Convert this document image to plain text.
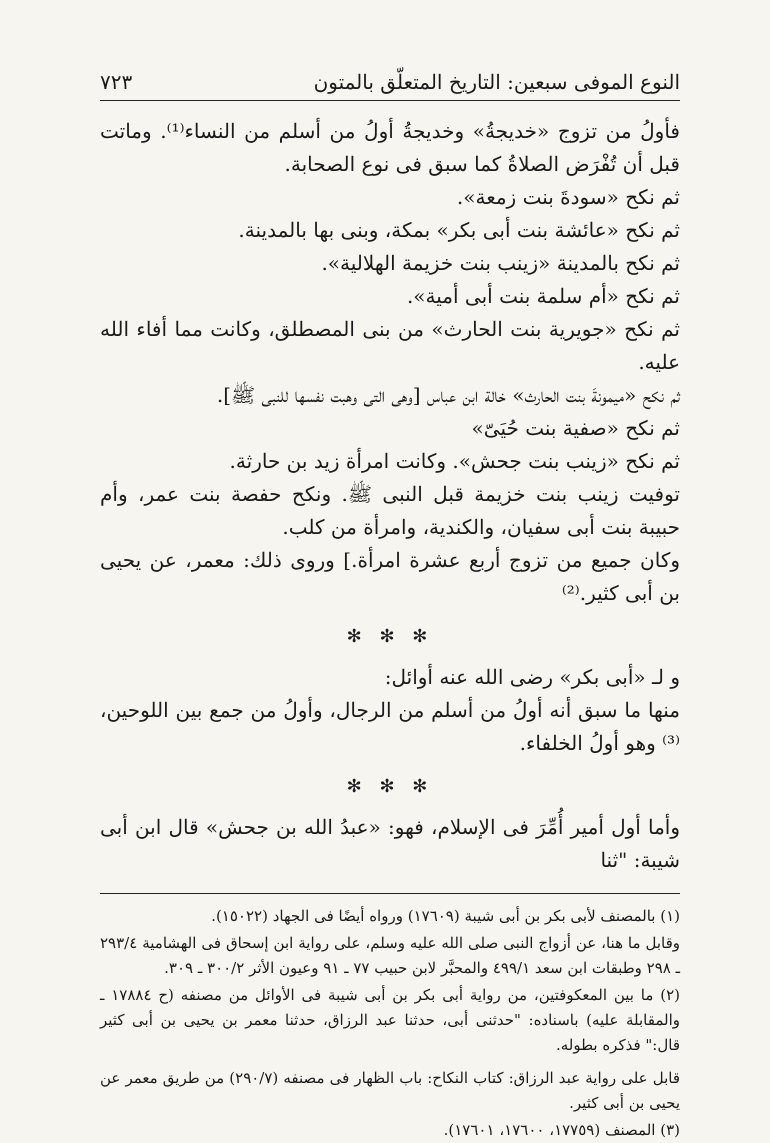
النوع الموفى سبعين: التاريخ المتعلّق بالمتون
٧٢٣

فأولُ من تزوج «خديجةُ» وخديجةُ أولُ من أسلم من النساء⁽¹⁾. وماتت قبل أن تُفْرَض الصلاةُ كما سبق فى نوع الصحابة.

ثم نكح «سودةَ بنت زمعة».

ثم نكح «عائشة بنت أبى بكر» بمكة، وبنى بها بالمدينة.

ثم نكح بالمدينة «زينب بنت خزيمة الهلالية».

ثم نكح «أم سلمة بنت أبى أمية».

ثم نكح «جويرية بنت الحارث» من بنى المصطلق، وكانت مما أفاء الله عليه.

ثم نكح «ميمونةَ بنت الحارث» خالة ابن عباس [وهى التى وهبت نفسها للنبى ﷺ].

ثم نكح «صفية بنت حُيَىّ»

ثم نكح «زينب بنت جحش». وكانت امرأة زيد بن حارثة.

توفيت زينب بنت خزيمة قبل النبى ﷺ. ونكح حفصة بنت عمر، وأم حبيبة بنت أبى سفيان، والكندية، وامرأة من كلب.

وكان جميع من تزوج أربع عشرة امرأة.] وروى ذلك: معمر، عن يحيى بن أبى كثير.⁽²⁾

✻ ✻ ✻

و لـ «أبى بكر» رضى الله عنه أوائل:

منها ما سبق أنه أولُ من أسلم من الرجال، وأولُ من جمع بين اللوحين،⁽³⁾ وهو أولُ الخلفاء.

✻ ✻ ✻

وأما أول أمير أُمِّرَ فى الإسلام، فهو: «عبدُ الله بن جحش» قال ابن أبى شيبة: "ثنا

(١) بالمصنف لأبى بكر بن أبى شيبة (١٧٦٠٩) ورواه أيضًا فى الجهاد (١٥٠٢٢).

وقابل ما هنا، عن أزواج النبى صلى الله عليه وسلم، على رواية ابن إسحاق فى الهشامية ٢٩٣/٤ ـ ٢٩٨ وطبقات ابن سعد ٤٩٩/١ والمحبَّر لابن حبيب ٧٧ ـ ٩١ وعيون الأثر ٣٠٠/٢ ـ ٣٠٩.

(٢) ما بين المعكوفتين، من رواية أبى بكر بن أبى شيبة فى الأوائل من مصنفه (ح ١٧٨٨٤ ـ والمقابلة عليه) باسناده: "حدثنى أبى، حدثنا عبد الرزاق، حدثنا معمر بن يحيى بن أبى كثير قال:" فذكره بطوله.

قابل على رواية عبد الرزاق: كتاب النكاح: باب الظهار فى مصنفه (٢٩٠/٧) من طريق معمر عن يحيى بن أبى كثير.

(٣) المصنف (١٧٧٥٩، ١٧٦٠٠، ١٧٦٠١).
